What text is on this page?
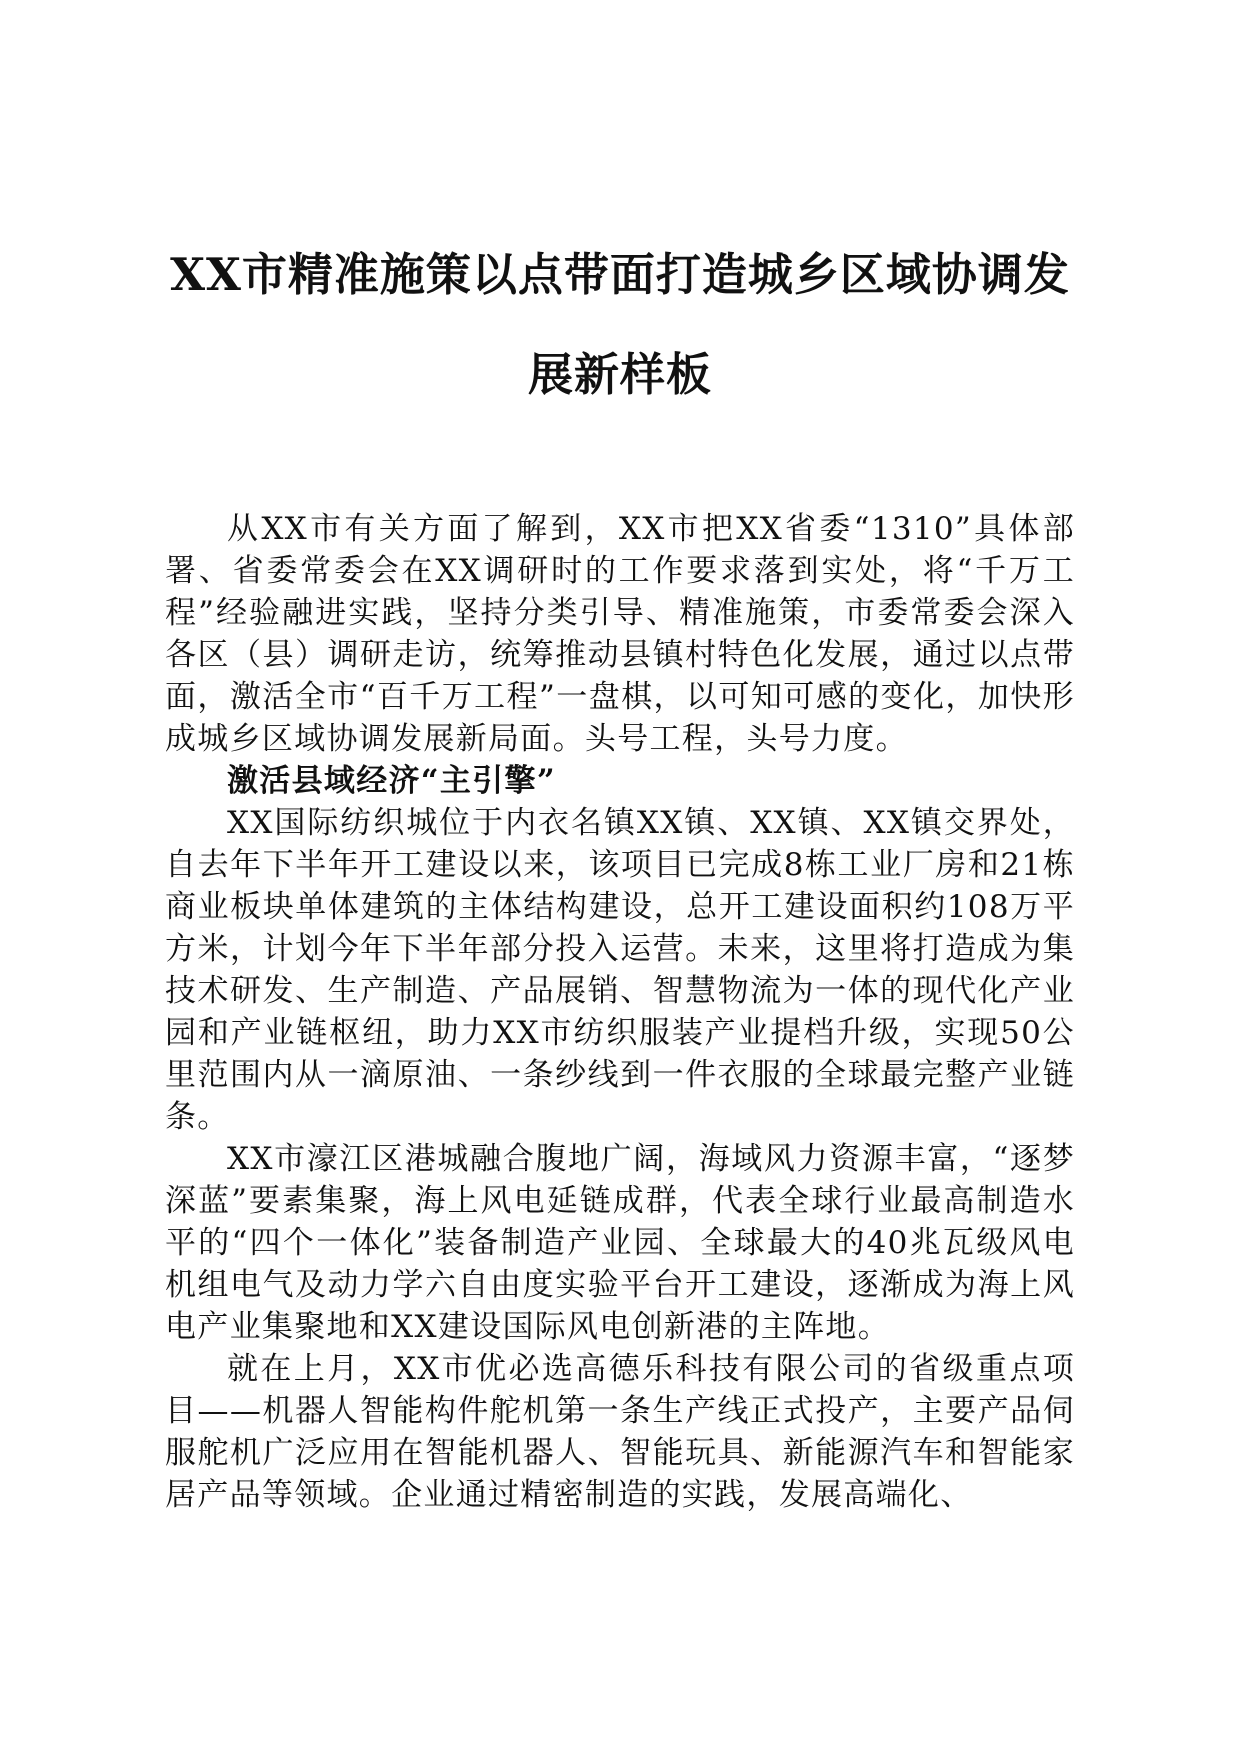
XX市精准施策以点带面打造城乡区域协调发
展新样板

从XX市有关方面了解到，XX市把XX省委“1310”具体部署、省委常委会在XX调研时的工作要求落到实处，将“千万工程”经验融进实践，坚持分类引导、精准施策，市委常委会深入各区（县）调研走访，统筹推动县镇村特色化发展，通过以点带面，激活全市“百千万工程”一盘棋，以可知可感的变化，加快形成城乡区域协调发展新局面。头号工程，头号力度。

激活县域经济“主引擎”

XX国际纺织城位于内衣名镇XX镇、XX镇、XX镇交界处，自去年下半年开工建设以来，该项目已完成8栋工业厂房和21栋商业板块单体建筑的主体结构建设，总开工建设面积约108万平方米，计划今年下半年部分投入运营。未来，这里将打造成为集技术研发、生产制造、产品展销、智慧物流为一体的现代化产业园和产业链枢纽，助力XX市纺织服装产业提档升级，实现50公里范围内从一滴原油、一条纱线到一件衣服的全球最完整产业链条。

XX市濠江区港城融合腹地广阔，海域风力资源丰富，“逐梦深蓝”要素集聚，海上风电延链成群，代表全球行业最高制造水平的“四个一体化”装备制造产业园、全球最大的40兆瓦级风电机组电气及动力学六自由度实验平台开工建设，逐渐成为海上风电产业集聚地和XX建设国际风电创新港的主阵地。

就在上月，XX市优必选高德乐科技有限公司的省级重点项目——机器人智能构件舵机第一条生产线正式投产，主要产品伺服舵机广泛应用在智能机器人、智能玩具、新能源汽车和智能家居产品等领域。企业通过精密制造的实践，发展高端化、
